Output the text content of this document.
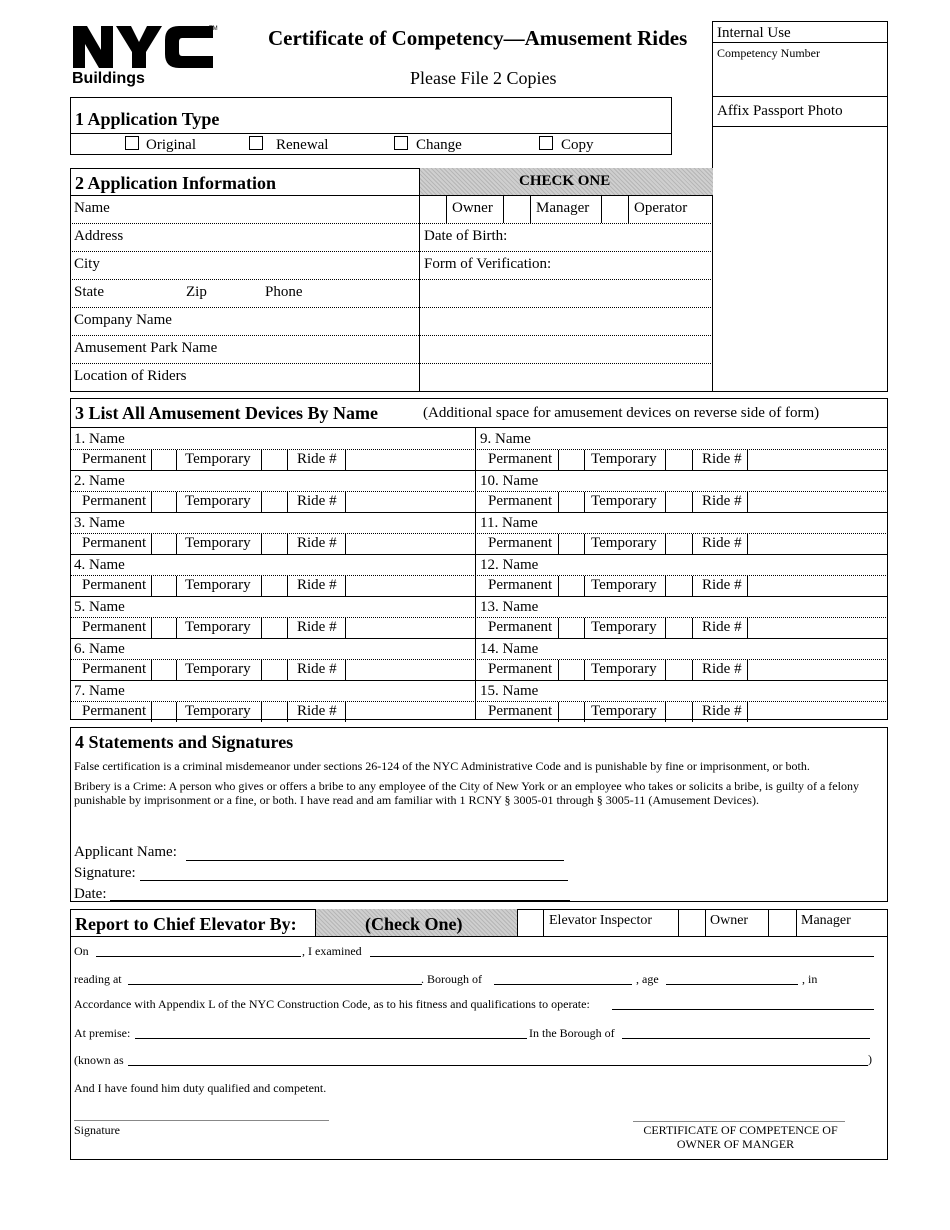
TM
Buildings
Certificate of Competency—Amusement Rides
Please File 2 Copies
Internal Use
Competency Number
Affix Passport Photo
1 Application Type
Original	Renewal	Change	Copy
CHECK ONE
2 Application Information
Name
Address
City
State	Zip	Phone
Company Name
Amusement Park Name
Location of Riders
Owner	Manager	Operator
Date of Birth:
Form of Verification:
3 List All Amusement Devices By Name	(Additional space for amusement devices on reverse side of form)
1. Name	9. Name
Permanent	Temporary	Ride #	Permanent	Temporary	Ride #
2. Name	10. Name
Permanent	Temporary	Ride #	Permanent	Temporary	Ride #
3. Name	11. Name
Permanent	Temporary	Ride #	Permanent	Temporary	Ride #
4. Name	12. Name
Permanent	Temporary	Ride #	Permanent	Temporary	Ride #
5. Name	13. Name
Permanent	Temporary	Ride #	Permanent	Temporary	Ride #
6. Name	14. Name
Permanent	Temporary	Ride #	Permanent	Temporary	Ride #
7. Name	15. Name
Permanent	Temporary	Ride #	Permanent	Temporary	Ride #
4 Statements and Signatures
False certification is a criminal misdemeanor under sections 26-124 of the NYC Administrative Code and is punishable by fine or imprisonment, or both.
Bribery is a Crime: A person who gives or offers a bribe to any employee of the City of New York or an employee who takes or solicits a bribe, is guilty of a felony punishable by imprisonment or a fine, or both. I have read and am familiar with 1 RCNY § 3005-01 through § 3005-11 (Amusement Devices).
Applicant Name:
Signature:
Date:
Report to Chief Elevator By:	(Check One)	Elevator Inspector	Owner	Manager
On	, I examined
reading at	. Borough of	, age	, in
Accordance with Appendix L of the NYC Construction Code, as to his fitness and qualifications to operate:
At premise:	In the Borough of
(known as	)
And I have found him duty qualified and competent.
Signature	CERTIFICATE OF COMPETENCE OF
OWNER OF MANGER
